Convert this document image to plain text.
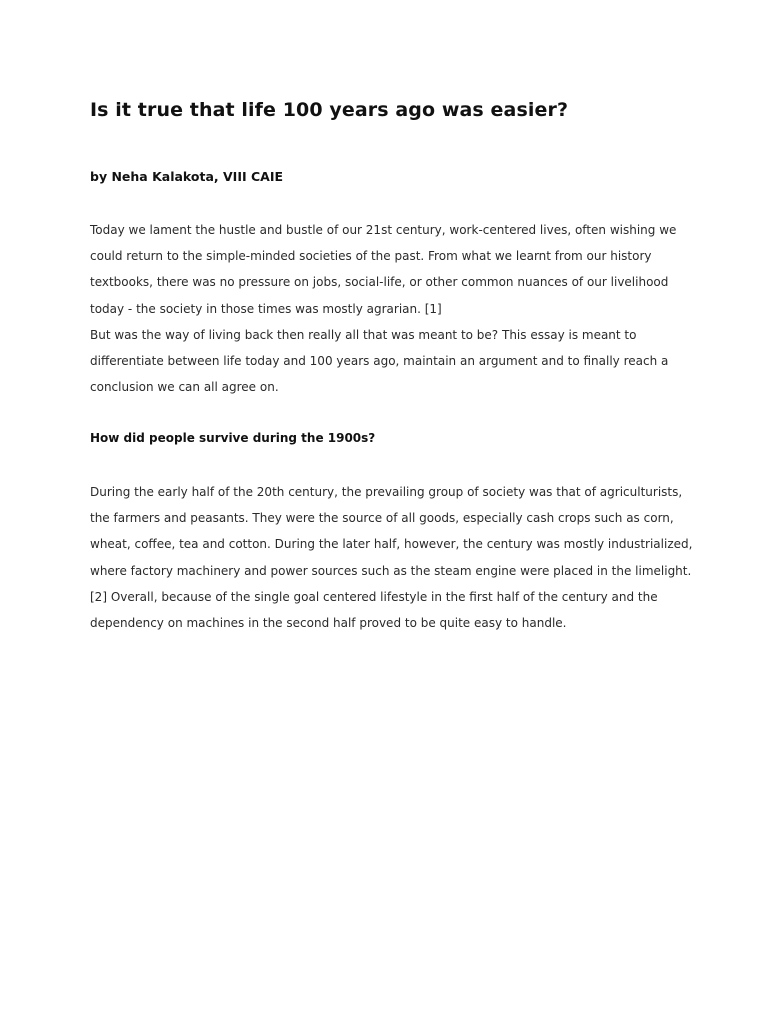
Is it true that life 100 years ago was easier?

by Neha Kalakota, VIII CAIE

Today we lament the hustle and bustle of our 21st century, work-centered lives, often wishing we
could return to the simple-minded societies of the past. From what we learnt from our history
textbooks, there was no pressure on jobs, social-life, or other common nuances of our livelihood
today - the society in those times was mostly agrarian. [1]
But was the way of living back then really all that was meant to be? This essay is meant to
differentiate between life today and 100 years ago, maintain an argument and to finally reach a
conclusion we can all agree on.

How did people survive during the 1900s?

During the early half of the 20th century, the prevailing group of society was that of agriculturists,
the farmers and peasants. They were the source of all goods, especially cash crops such as corn,
wheat, coffee, tea and cotton. During the later half, however, the century was mostly industrialized,
where factory machinery and power sources such as the steam engine were placed in the limelight.
[2] Overall, because of the single goal centered lifestyle in the first half of the century and the
dependency on machines in the second half proved to be quite easy to handle.
